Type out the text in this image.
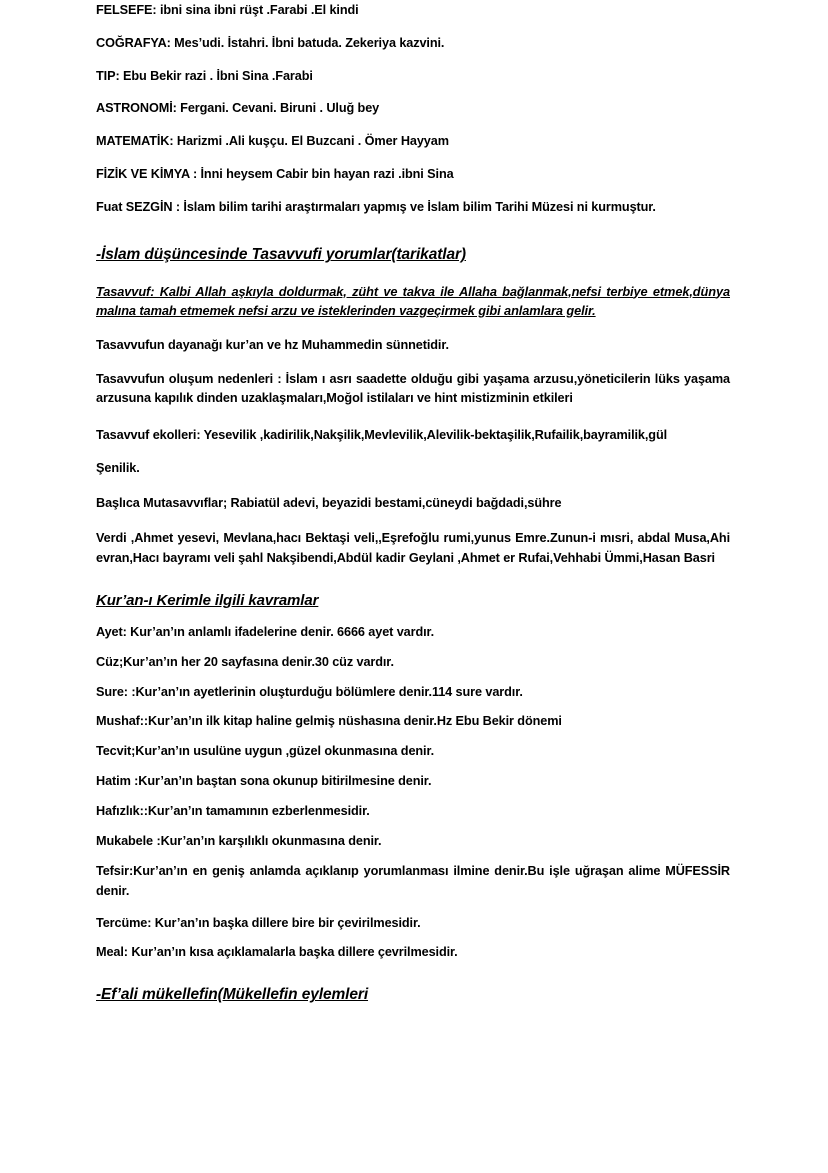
FELSEFE: ibni sina ibni rüşt .Farabi .El kindi

COĞRAFYA: Mes’udi. İstahri. İbni batuda. Zekeriya kazvini.

TIP: Ebu Bekir razi . İbni Sina .Farabi

ASTRONOMİ: Fergani. Cevani. Biruni . Uluğ bey

MATEMATİK: Harizmi .Ali kuşçu. El Buzcani . Ömer Hayyam

FİZİK VE KİMYA : İnni heysem Cabir bin hayan razi .ibni Sina

Fuat SEZGİN : İslam bilim tarihi araştırmaları yapmış ve İslam bilim Tarihi Müzesi ni kurmuştur.

-İslam düşüncesinde Tasavvufi yorumlar(tarikatlar)

Tasavvuf: Kalbi Allah aşkıyla doldurmak, züht ve takva ile Allaha bağlanmak,nefsi terbiye etmek,dünya malına tamah etmemek nefsi arzu ve isteklerinden vazgeçirmek gibi anlamlara gelir.

Tasavvufun dayanağı kur’an ve hz Muhammedin sünnetidir.

Tasavvufun oluşum nedenleri : İslam ı asrı saadette olduğu gibi yaşama arzusu,yöneticilerin lüks yaşama arzusuna kapılık dinden uzaklaşmaları,Moğol istilaları ve hint mistizminin etkileri

Tasavvuf ekolleri: Yesevilik ,kadirilik,Nakşilik,Mevlevilik,Alevilik-bektaşilik,Rufailik,bayramilik,gül

Şenilik.

Başlıca Mutasavvıflar; Rabiatül adevi, beyazidi bestami,cüneydi bağdadi,sühre

Verdi ,Ahmet yesevi, Mevlana,hacı Bektaşi veli,,Eşrefoğlu rumi,yunus Emre.Zunun-i mısri, abdal Musa,Ahi evran,Hacı bayramı veli şahl Nakşibendi,Abdül kadir Geylani ,Ahmet er Rufai,Vehhabi Ümmi,Hasan Basri

Kur’an-ı Kerimle ilgili kavramlar

Ayet: Kur’an’ın anlamlı ifadelerine denir. 6666 ayet vardır.

Cüz;Kur’an’ın her 20 sayfasına denir.30 cüz vardır.

Sure: :Kur’an’ın ayetlerinin oluşturduğu bölümlere denir.114 sure vardır.

Mushaf::Kur’an’ın ilk kitap haline gelmiş nüshasına denir.Hz Ebu Bekir dönemi

Tecvit;Kur’an’ın usulüne uygun ,güzel okunmasına denir.

Hatim :Kur’an’ın baştan sona okunup bitirilmesine denir.

Hafızlık::Kur’an’ın tamamının ezberlenmesidir.

Mukabele :Kur’an’ın karşılıklı okunmasına denir.

Tefsir:Kur’an’ın en geniş anlamda açıklanıp yorumlanması ilmine denir.Bu işle uğraşan alime MÜFESSİR denir.

Tercüme: Kur’an’ın başka dillere bire bir çevirilmesidir.

Meal: Kur’an’ın kısa açıklamalarla başka dillere çevrilmesidir.

-Ef’ali mükellefin(Mükellefin eylemleri
